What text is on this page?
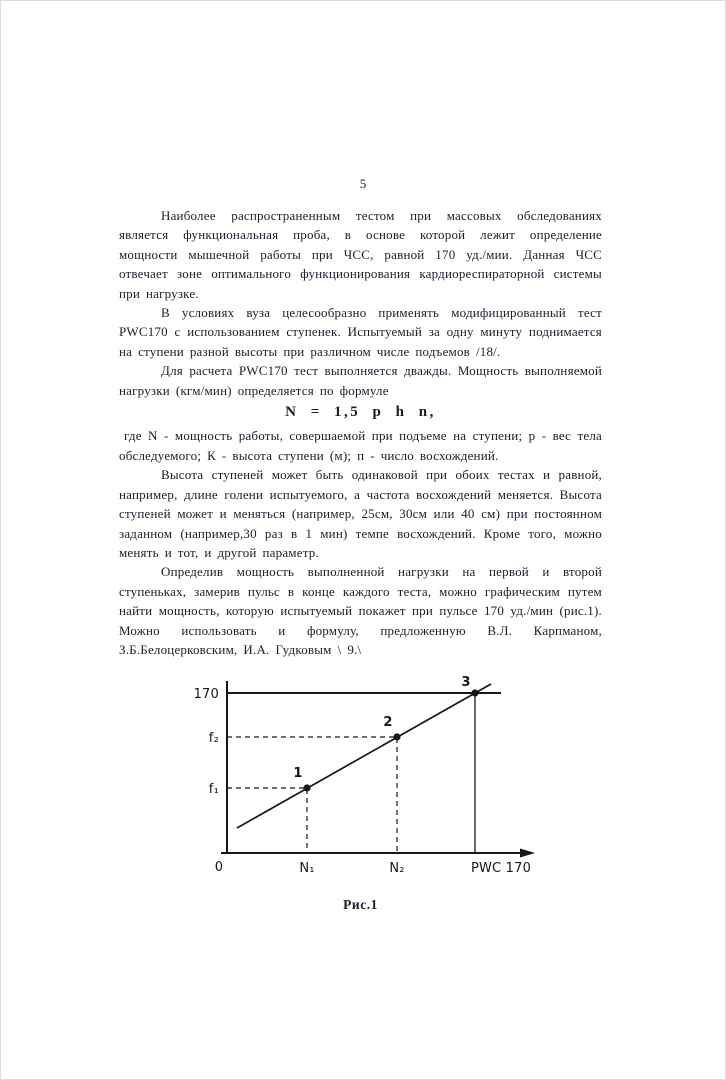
5

Наиболее распространенным тестом при массовых обследованиях является функциональная проба, в основе которой лежит определение мощности мышечной работы при ЧСС, равной 170 уд./мии. Данная ЧСС отвечает зоне оптимального функционирования кардиореспираторной системы при нагрузке.

В условиях вуза целесообразно применять модифицированный тест PWC170 с использованием ступенек. Испытуемый за одну минуту поднимается на ступени разной высоты при различном числе подъемов /18/.

Для расчета PWC170 тест выполняется дважды. Мощность выполняемой нагрузки (кгм/мин) определяется по формуле

N = 1,5 p h n,

где N - мощность работы, совершаемой при подъеме на ступени; р - вес тела обследуемого; К - высота ступени (м); п - число восхождений.

Высота ступеней может быть одинаковой при обоих тестах и равной, например, длине голени испытуемого, а частота восхождений меняется. Высота ступеней может и меняться (например, 25см, 30см или 40 см) при постоянном заданном (например,30 раз в 1 мин) темпе восхождений. Кроме того, можно менять и тот, и другой параметр.

Определив мощность выполненной нагрузки на первой и второй ступеньках, замерив пульс в конце каждого теста, можно графическим путем найти мощность, которую испытуемый покажет при пульсе 170 уд./мин (рис.1). Можно использовать и формулу, предложенную В.Л. Карпманом, З.Б.Белоцерковским, И.А. Гудковым \ 9.\

170
f₂
f₁
0	N₁	N₂	PWC 170
1
2
3
Рис.1
